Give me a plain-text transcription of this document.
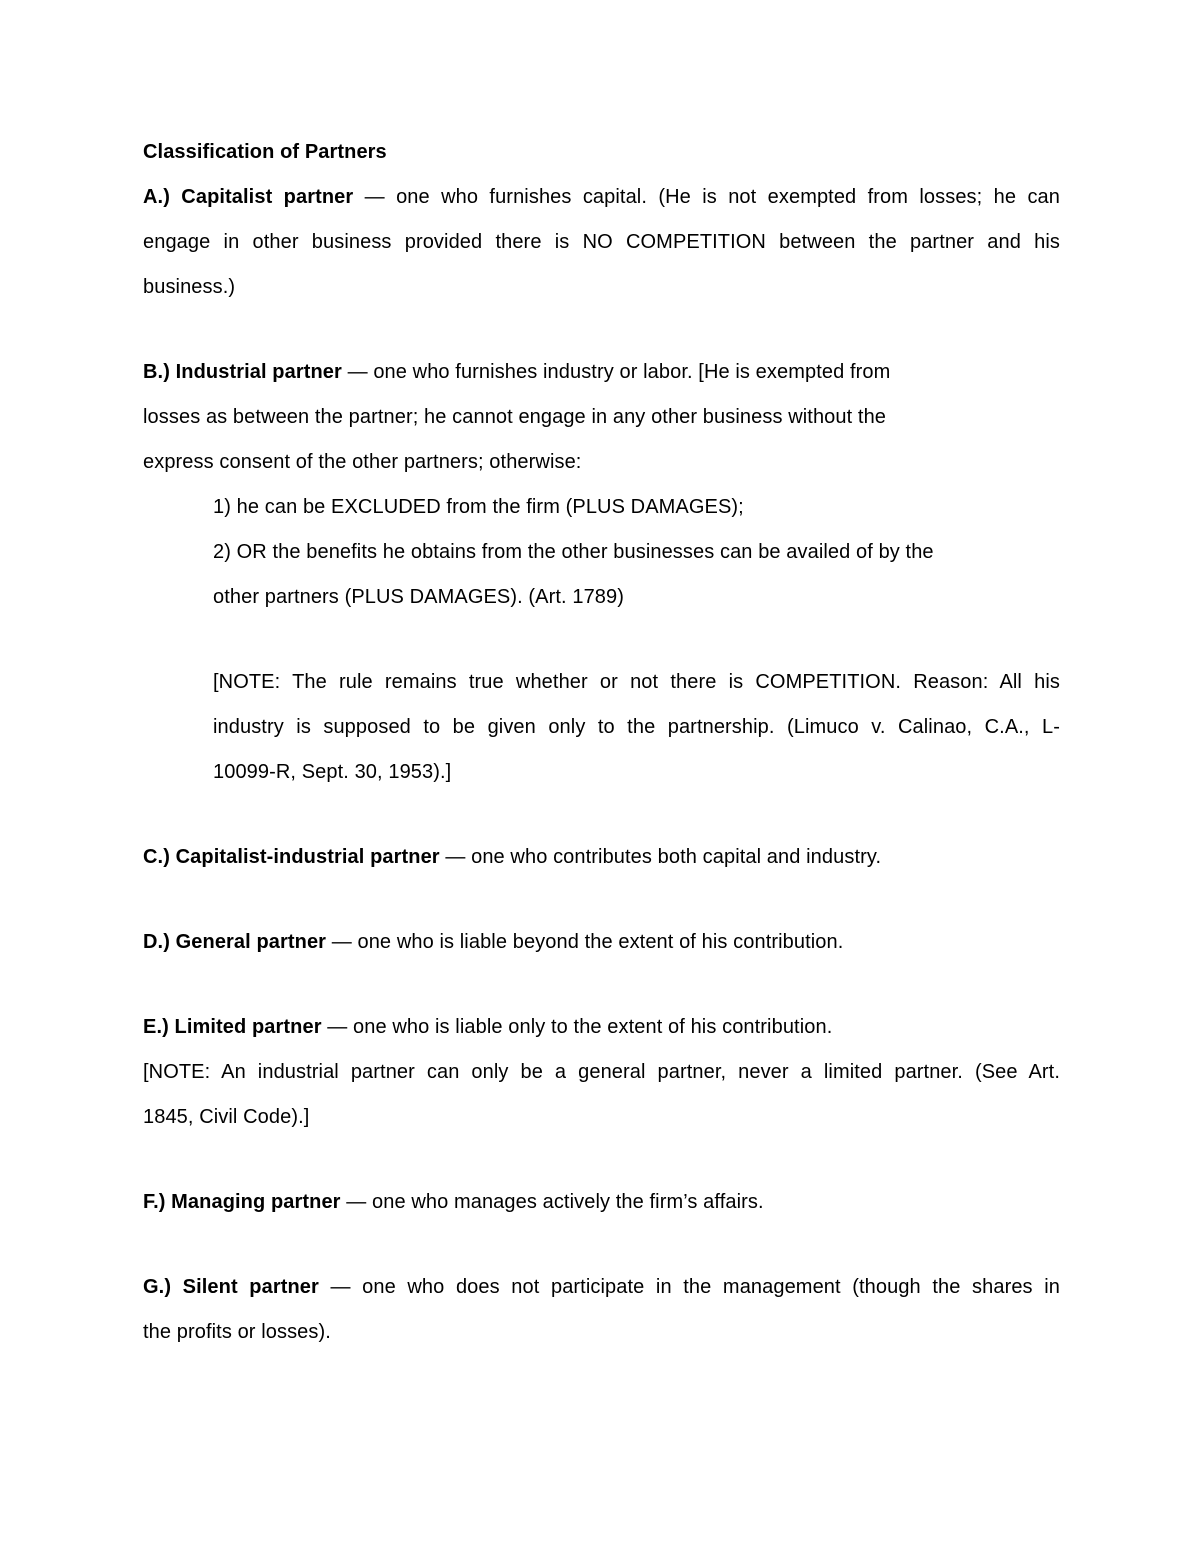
Classification of Partners
A.) Capitalist partner — one who furnishes capital. (He is not exempted from losses; he can
engage in other business provided there is NO COMPETITION between the partner and his
business.)
B.) Industrial partner — one who furnishes industry or labor. [He is exempted from
losses as between the partner; he cannot engage in any other business without the
express consent of the other partners; otherwise:
1) he can be EXCLUDED from the firm (PLUS DAMAGES);
2) OR the benefits he obtains from the other businesses can be availed of by the
other partners (PLUS DAMAGES). (Art. 1789)
[NOTE: The rule remains true whether or not there is COMPETITION. Reason: All his
industry is supposed to be given only to the partnership. (Limuco v. Calinao, C.A., L-
10099-R, Sept. 30, 1953).]
C.) Capitalist-industrial partner — one who contributes both capital and industry.
D.) General partner — one who is liable beyond the extent of his contribution.
E.) Limited partner — one who is liable only to the extent of his contribution.
[NOTE: An industrial partner can only be a general partner, never a limited partner. (See Art.
1845, Civil Code).]
F.) Managing partner — one who manages actively the firm’s affairs.
G.) Silent partner — one who does not participate in the management (though the shares in
the profits or losses).
